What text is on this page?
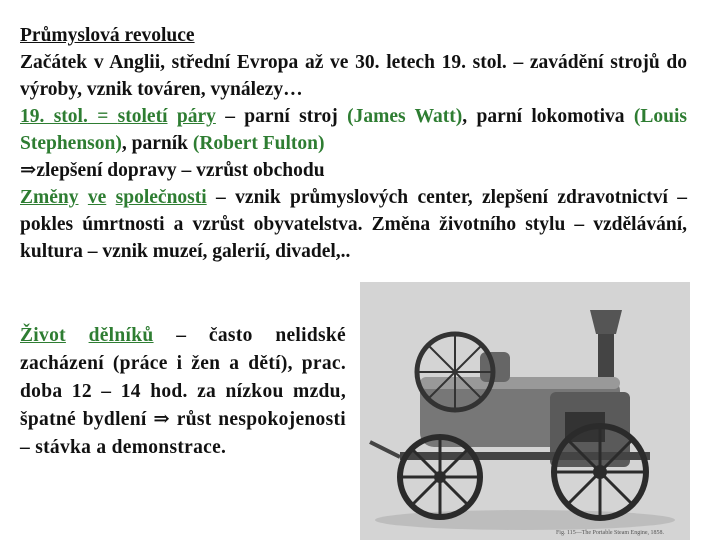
Průmyslová revoluce
Začátek v Anglii, střední Evropa až ve 30. letech 19. stol. – zavádění strojů do výroby, vznik továren, vynálezy…
19. stol. = století páry – parní stroj (James Watt), parní lokomotiva (Louis Stephenson), parník (Robert Fulton)
⇒zlepšení dopravy – vzrůst obchodu
Změny ve společnosti – vznik průmyslových center, zlepšení zdravotnictví – pokles úmrtnosti a vzrůst obyvatelstva. Změna životního stylu – vzdělávání, kultura – vznik muzeí, galerií, divadel,..
Život dělníků – často nelidské zacházení (práce i žen a dětí), prac. doba 12 – 14 hod. za nízkou mzdu, špatné bydlení ⇒ růst nespokojenosti – stávka a demonstrace.
Fig. 115—The Portable Steam Engine, 1858.
